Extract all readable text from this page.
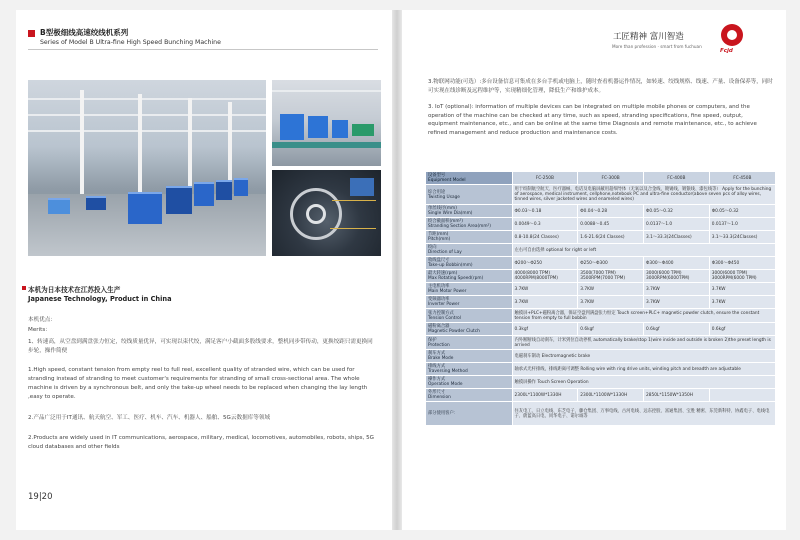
B型极细线高速绞线机系列
Series of Model B Ultra-fine High Speed Bunching Machine
本机为日本技术在江苏投入生产
Japanese Technology, Product in China
本机优点：
Merits：
1、转速高，从空盘到满盘张力恒定，绞线质量优异，可实现以束代绞，满足客户小截面多股线要求，整机同步带传动，更换绞距只需更换同步轮，操作简便
1.High speed, constant tension from empty reel to full reel, excellent quality of stranded wire, which can be used for stranding instead of stranding to meet customer's requirements for stranding of small cross-sectional area. The whole machine is driven by a synchronous belt, and only the take-up wheel needs to be replaced when changing the lay length ,easy to operate.
2.产品广泛用于IT通讯、航天航空、军工、医疗、机车、汽车、机器人、船舶、5G云数据库等领域
2.Products are widely used in IT communications, aerospace, military, medical, locomotives, automobiles, robots, ships, 5G cloud databases and other fields
19|20
工匠精神 富川智造
More than profession · smart from fuchuan
Fcjd
3.物联网功能(可选）:多台设备信息可集成在多台手机或电脑上，随时查看机器运作情况，如转速、绞线规格、线速、产量、设备保养等，同时可实现在线诊断及远程维护等，实现精细化管理，降低生产和维护成本。
3. IoT (optional): information of multiple devices can be integrated on multiple mobile phones or computers, and the operation of the machine can be checked at any time, such as speed, stranding specifications, fine speed, output, equipment maintenance, etc., and can be online at the same time Diagnosis and remote maintenance, etc., to achieve refined management and reduce production and maintenance costs.
设备型号
Equipment Model	FC-250B	FC-300B	FC-400B	FC-450B

综合用途
Twisting Usage	用于绞制航空航天、医疗器械、电话及电脑屏蔽用超细导体（无氧以及合金线、镀锡线、镀银线、漆包线等） Apply for the bunching of aerospace, medical instrument, cellphone,notebook PC and ultra-fine conductor(above seven pcs of alloy wires, tinned wires, silver jacketed wires and enameled wires)			

单丝线径(mm)
Single Wire Dia(mm)	Φ0.03～0.18	Φ0.04～0.28	Φ0.05～0.32	Φ0.05～0.32

绞合截面积(mm²)
Stranding Section Area(mm²)	0.0049～0.3	0.0088～0.45	0.0137～1.0	0.0137～1.0

节距(mm)
Pitch(mm)	0.8-10.8(24 Classes)	1.6-21.6(24 Classes)	3.1～33.3(24Classes)	3.1～33.3(24Classes)

绞向
Direction of Lay	左右可自由选择 optional for right or left			

收线盘尺寸
Take-up Bobbin(mm)	Φ200～Φ250	Φ250～Φ300	Φ300～Φ400	Φ300～Φ450

最大转速(rpm)
Max Rotating Speed(rpm)	4000(8000 TPM) 4000RPM(8000TPM)	3500(7000 TPM) 3500RPM(7000 TPM)	3000(6000 TPM) 3000RPM(6000TPM)	3000(6000 TPM) 3000RPM(6000 TPM)

主电机功率
Main Motor Power	3.7KW	3.7KW	3.7KW	3.7KW

变频器功率
Inverter Power	3.7KW	3.7KW	3.7KW	3.7KW

张力控制方式
Tension Control	触摸屏+PLC+磁粉离合器，保证空盘到满盘张力恒定 Touch screen+PLC+ magnetic powder clutch, ensure the constant tension from empty to full bobbin			

磁粉离合器
Magnetic Powder Clutch	0.3kgf	0.6kgf	0.6kgf	0.6kgf

保护
Protection	内外断断线自动刹车，计米到位自动停机 automatically brake/stop 1)wire inside and outside is broken 2)the preset length is arrived			

刹车方式
Brake Mode	电磁刹车制动 Electromagnetic brake			

排线方式
Traversing Method	轴承式光杆排线，排线距离可调整 Rolling wire with ring drive units, winding pitch and breadth are adjustable			

操作方式
Operation Mode	触摸屏操作 Touch Screen Operation			

外形尺寸
Dimension	2300L*1100W*1330H	2300L*1100W*1330H	2850L*1150W*1350H	

部分使用客户：	住友电工、日立电线、东芝电子、藤仓集团、万事电线、古河电线、远东控股、富通集团、宝胜 精密、东莞新科特、协鑫电子、电线电子、蔚蓝高日电、同华电子、诺尔诚等			
